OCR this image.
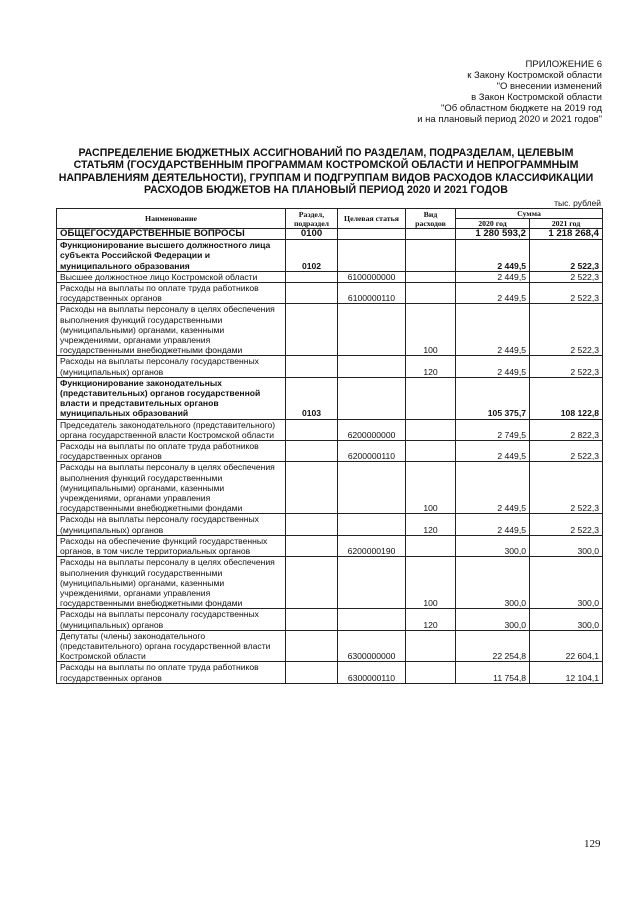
ПРИЛОЖЕНИЕ 6
к Закону Костромской области
"О внесении изменений
в Закон Костромской области
"Об областном бюджете на 2019 год
и на плановый период 2020 и 2021 годов"
РАСПРЕДЕЛЕНИЕ БЮДЖЕТНЫХ АССИГНОВАНИЙ ПО РАЗДЕЛАМ, ПОДРАЗДЕЛАМ, ЦЕЛЕВЫМ
СТАТЬЯМ (ГОСУДАРСТВЕННЫМ ПРОГРАММАМ КОСТРОМСКОЙ ОБЛАСТИ И НЕПРОГРАММНЫМ
НАПРАВЛЕНИЯМ ДЕЯТЕЛЬНОСТИ), ГРУППАМ И ПОДГРУППАМ ВИДОВ РАСХОДОВ КЛАССИФИКАЦИИ
РАСХОДОВ БЮДЖЕТОВ НА ПЛАНОВЫЙ ПЕРИОД 2020 И 2021 ГОДОВ
тыс. рублей
Наименование	Раздел, подраздел	Целевая статья	Вид расходов	Сумма	
				2020 год	2021 год
ОБЩЕГОСУДАРСТВЕННЫЕ ВОПРОСЫ	0100			1 280 593,2	1 218 268,4
Функционирование высшего должностного лица субъекта Российской Федерации и муниципального образования	0102			2 449,5	2 522,3
Высшее должностное лицо Костромской области		6100000000		2 449,5	2 522,3
Расходы на выплаты по оплате труда работников государственных органов		6100000110		2 449,5	2 522,3
Расходы на выплаты персоналу в целях обеспечения выполнения функций государственными (муниципальными) органами, казенными учреждениями, органами управления государственными внебюджетными фондами			100	2 449,5	2 522,3
Расходы на выплаты персоналу государственных (муниципальных) органов			120	2 449,5	2 522,3
Функционирование законодательных (представительных) органов государственной власти и представительных органов муниципальных образований	0103			105 375,7	108 122,8
Председатель законодательного (представительного) органа государственной власти Костромской области		6200000000		2 749,5	2 822,3
Расходы на выплаты по оплате труда работников государственных органов		6200000110		2 449,5	2 522,3
Расходы на выплаты персоналу в целях обеспечения выполнения функций государственными (муниципальными) органами, казенными учреждениями, органами управления государственными внебюджетными фондами			100	2 449,5	2 522,3
Расходы на выплаты персоналу государственных (муниципальных) органов			120	2 449,5	2 522,3
Расходы на обеспечение функций государственных органов, в том числе территориальных органов		6200000190		300,0	300,0
Расходы на выплаты персоналу в целях обеспечения выполнения функций государственными (муниципальными) органами, казенными учреждениями, органами управления государственными внебюджетными фондами			100	300,0	300,0
Расходы на выплаты персоналу государственных (муниципальных) органов			120	300,0	300,0
Депутаты (члены) законодательного (представительного) органа государственной власти Костромской области		6300000000		22 254,8	22 604,1
Расходы на выплаты по оплате труда работников государственных органов		6300000110		11 754,8	12 104,1
129
